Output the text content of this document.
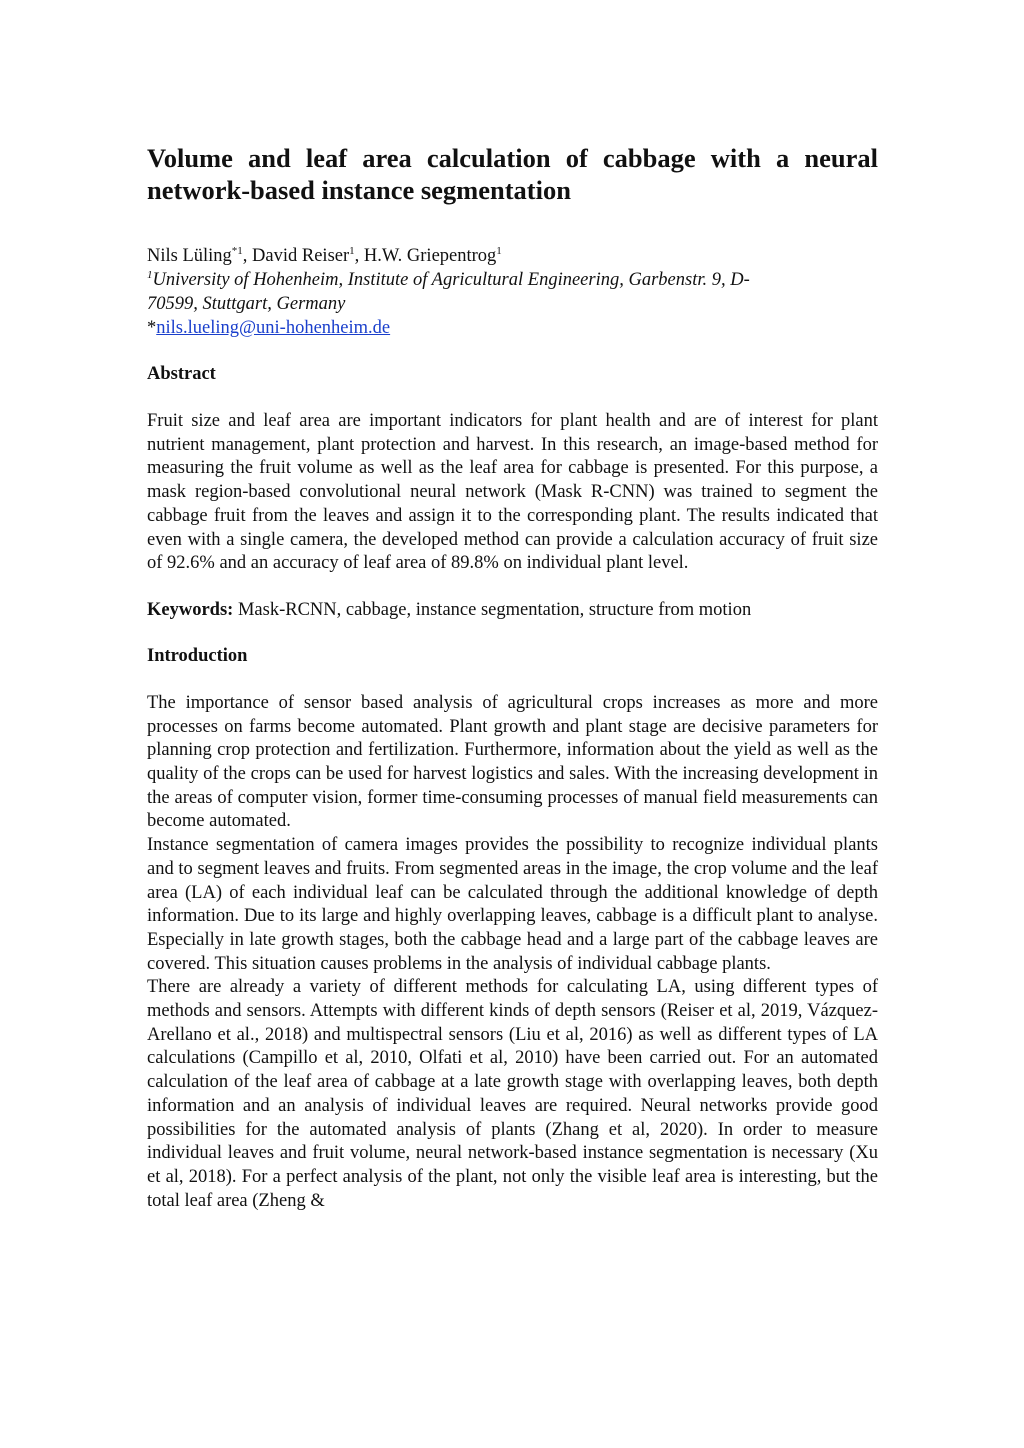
Volume and leaf area calculation of cabbage with a neural
network-based instance segmentation
Nils Lüling$^{*1}$, David Reiser$^1$, H.W. Griepentrog$^1$
$^1$University of Hohenheim, Institute of Agricultural Engineering, Garbenstr. 9, D-
70599, Stuttgart, Germany
*nils.lueling@uni-hohenheim.de
Abstract

Fruit size and leaf area are important indicators for plant health and are of interest for plant nutrient management, plant protection and harvest. In this research, an image-based method for measuring the fruit volume as well as the leaf area for cabbage is presented. For this purpose, a mask region-based convolutional neural network (Mask R-CNN) was trained to segment the cabbage fruit from the leaves and assign it to the corresponding plant. The results indicated that even with a single camera, the developed method can provide a calculation accuracy of fruit size of 92.6% and an accuracy of leaf area of 89.8% on individual plant level.

Keywords: Mask-RCNN, cabbage, instance segmentation, structure from motion
Introduction

The importance of sensor based analysis of agricultural crops increases as more and more processes on farms become automated. Plant growth and plant stage are decisive parameters for planning crop protection and fertilization. Furthermore, information about the yield as well as the quality of the crops can be used for harvest logistics and sales. With the increasing development in the areas of computer vision, former time-consuming processes of manual field measurements can become automated.

Instance segmentation of camera images provides the possibility to recognize individual plants and to segment leaves and fruits. From segmented areas in the image, the crop volume and the leaf area (LA) of each individual leaf can be calculated through the additional knowledge of depth information. Due to its large and highly overlapping leaves, cabbage is a difficult plant to analyse. Especially in late growth stages, both the cabbage head and a large part of the cabbage leaves are covered. This situation causes problems in the analysis of individual cabbage plants.

There are already a variety of different methods for calculating LA, using different types of methods and sensors. Attempts with different kinds of depth sensors (Reiser et al, 2019, Vázquez-Arellano et al., 2018) and multispectral sensors (Liu et al, 2016) as well as different types of LA calculations (Campillo et al, 2010, Olfati et al, 2010) have been carried out. For an automated calculation of the leaf area of cabbage at a late growth stage with overlapping leaves, both depth information and an analysis of individual leaves are required. Neural networks provide good possibilities for the automated analysis of plants (Zhang et al, 2020). In order to measure individual leaves and fruit volume, neural network-based instance segmentation is necessary (Xu et al, 2018). For a perfect analysis of the plant, not only the visible leaf area is interesting, but the total leaf area (Zheng &
